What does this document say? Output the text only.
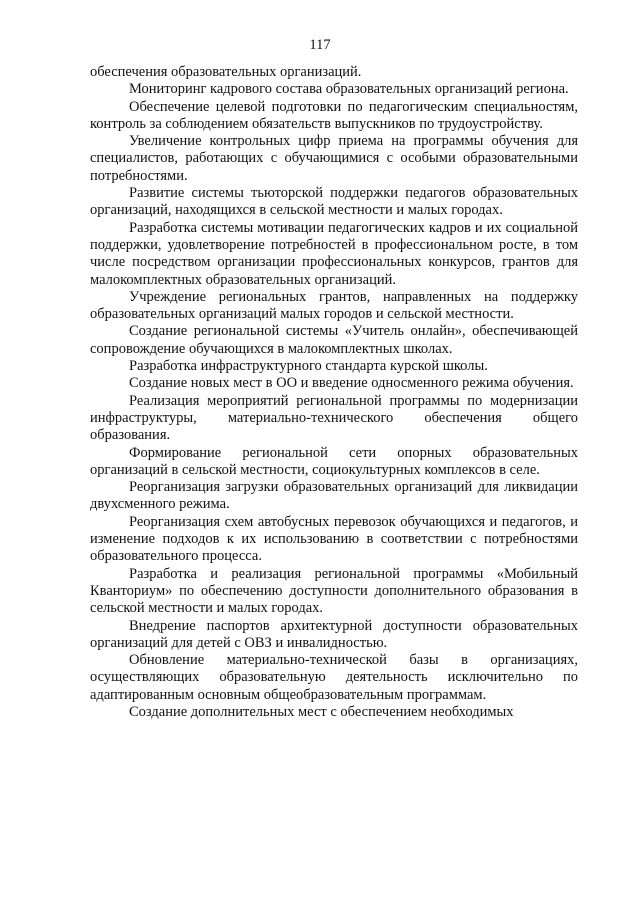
117

обеспечения образовательных организаций.

Мониторинг кадрового состава образовательных организаций региона.

Обеспечение целевой подготовки по педагогическим специальностям, контроль за соблюдением обязательств выпускников по трудоустройству.

Увеличение контрольных цифр приема на программы обучения для специалистов, работающих с обучающимися с особыми образовательными потребностями.

Развитие системы тьюторской поддержки педагогов образовательных организаций, находящихся в сельской местности и малых городах.

Разработка системы мотивации педагогических кадров и их социальной поддержки, удовлетворение потребностей в профессиональном росте, в том числе посредством организации профессиональных конкурсов, грантов для малокомплектных образовательных организаций.

Учреждение региональных грантов, направленных на поддержку образовательных организаций малых городов и сельской местности.

Создание региональной системы «Учитель онлайн», обеспечивающей сопровождение обучающихся в малокомплектных школах.

Разработка инфраструктурного стандарта курской школы.

Создание новых мест в ОО и введение односменного режима обучения.

Реализация мероприятий региональной программы по модернизации инфраструктуры, материально-технического обеспечения общего образования.

Формирование региональной сети опорных образовательных организаций в сельской местности, социокультурных комплексов в селе.

Реорганизация загрузки образовательных организаций для ликвидации двухсменного режима.

Реорганизация схем автобусных перевозок обучающихся и педагогов, и изменение подходов к их использованию в соответствии с потребностями образовательного процесса.

Разработка и реализация региональной программы «Мобильный Кванториум» по обеспечению доступности дополнительного образования в сельской местности и малых городах.

Внедрение паспортов архитектурной доступности образовательных организаций для детей с ОВЗ и инвалидностью.

Обновление материально-технической базы в организациях, осуществляющих образовательную деятельность исключительно по адаптированным основным общеобразовательным программам.

Создание дополнительных мест с обеспечением необходимых
